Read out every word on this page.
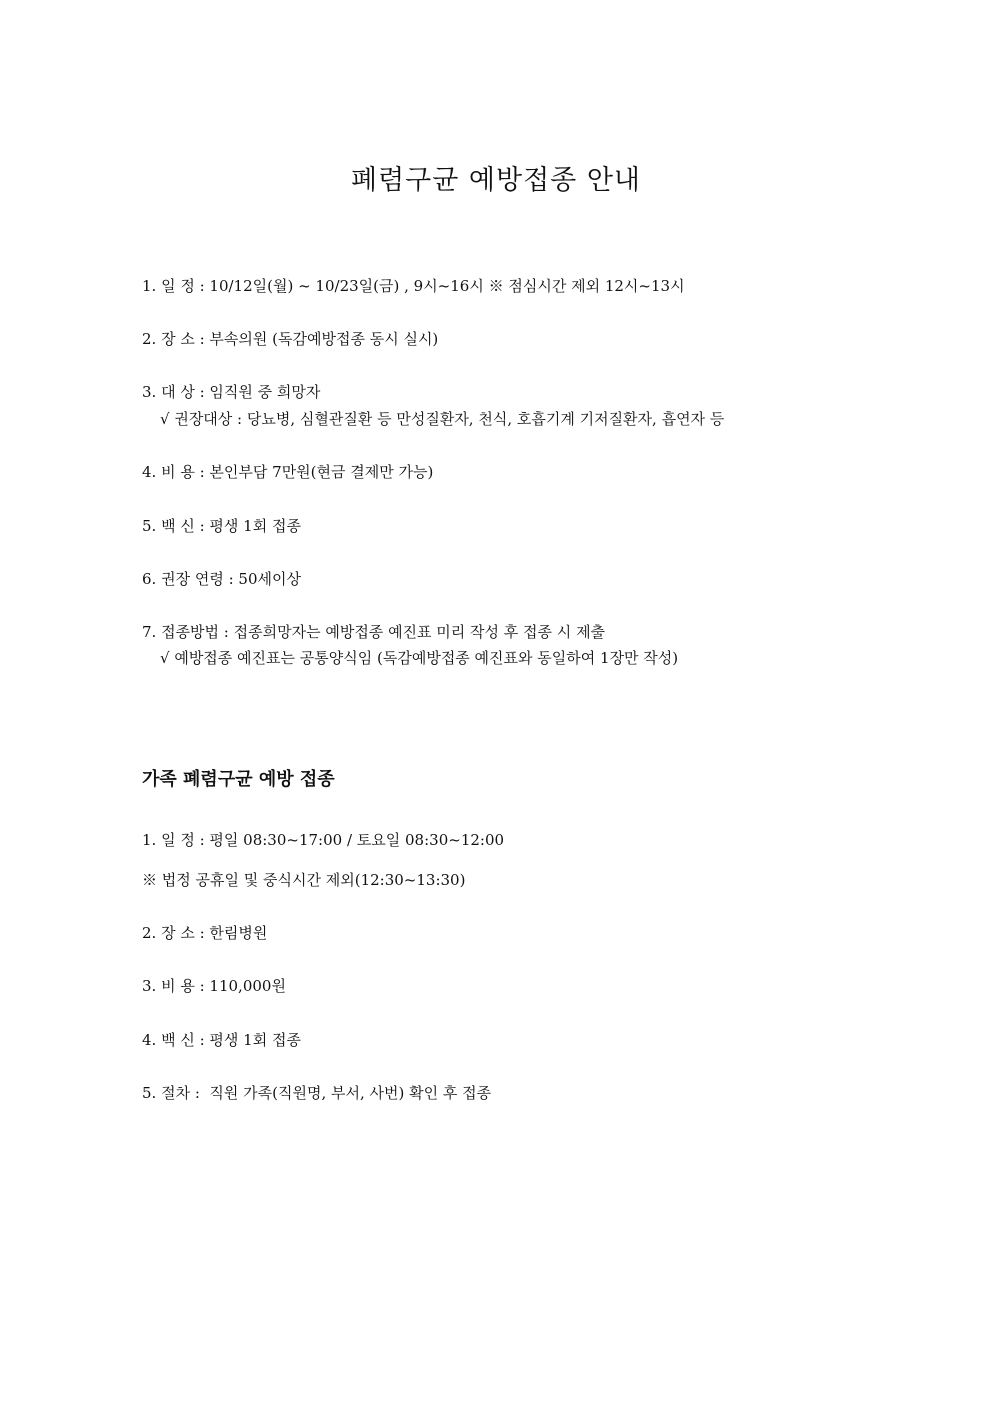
폐렴구균 예방접종 안내
1. 일 정 : 10/12일(월) ~ 10/23일(금) , 9시~16시 ※ 점심시간 제외 12시~13시
2. 장 소 : 부속의원 (독감예방접종 동시 실시)
3. 대 상 : 임직원 중 희망자
√ 권장대상 : 당뇨병, 심혈관질환 등 만성질환자, 천식, 호흡기계 기저질환자, 흡연자 등
4. 비 용 : 본인부담 7만원(현금 결제만 가능)
5. 백 신 : 평생 1회 접종
6. 권장 연령 : 50세이상
7. 접종방법 : 접종희망자는 예방접종 예진표 미리 작성 후 접종 시 제출
√ 예방접종 예진표는 공통양식임 (독감예방접종 예진표와 동일하여 1장만 작성)
가족 폐렴구균 예방 접종
1. 일 정 : 평일 08:30~17:00 / 토요일 08:30~12:00
※ 법정 공휴일 및 중식시간 제외(12:30~13:30)
2. 장 소 : 한림병원
3. 비 용 : 110,000원
4. 백 신 : 평생 1회 접종
5. 절차 :  직원 가족(직원명, 부서, 사번) 확인 후 접종
